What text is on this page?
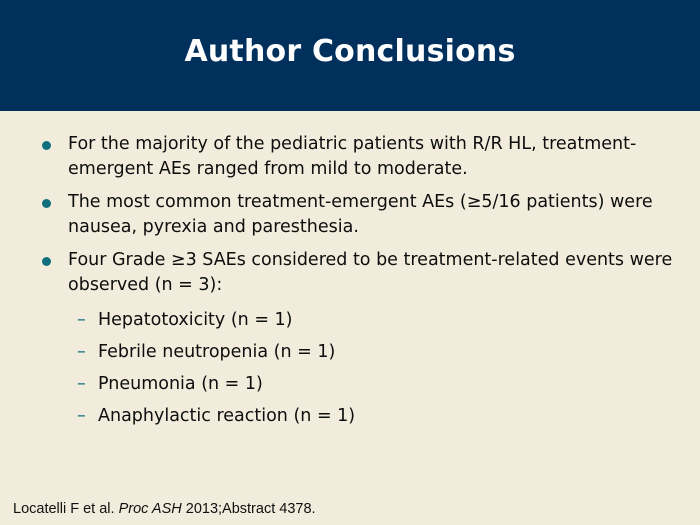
Author Conclusions
For the majority of the pediatric patients with R/R HL, treatment-emergent AEs ranged from mild to moderate.
The most common treatment-emergent AEs (≥5/16 patients) were nausea, pyrexia and paresthesia.
Four Grade ≥3 SAEs considered to be treatment-related events were observed (n = 3):
– Hepatotoxicity (n = 1)
– Febrile neutropenia (n = 1)
– Pneumonia (n = 1)
– Anaphylactic reaction (n = 1)
Locatelli F et al. Proc ASH 2013;Abstract 4378.
